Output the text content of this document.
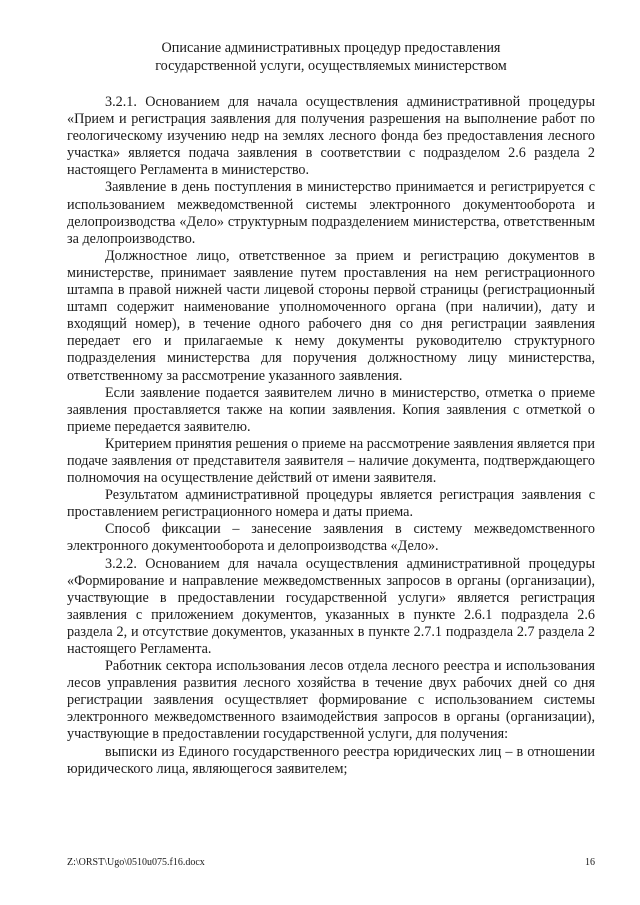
Описание административных процедур предоставления
государственной услуги, осуществляемых министерством

3.2.1. Основанием для начала осуществления административной процедуры «Прием и регистрация заявления для получения разрешения на выполнение работ по геологическому изучению недр на землях лесного фонда без предоставления лесного участка» является подача заявления в соответствии с подразделом 2.6 раздела 2 настоящего Регламента в министерство.

Заявление в день поступления в министерство принимается и регистрируется с использованием межведомственной системы электронного документооборота и делопроизводства «Дело» структурным подразделением министерства, ответственным за делопроизводство.

Должностное лицо, ответственное за прием и регистрацию документов в министерстве, принимает заявление путем проставления на нем регистрационного штампа в правой нижней части лицевой стороны первой страницы (регистрационный штамп содержит наименование уполномоченного органа (при наличии), дату и входящий номер), в течение одного рабочего дня со дня регистрации заявления передает его и прилагаемые к нему документы руководителю структурного подразделения министерства для поручения должностному лицу министерства, ответственному за рассмотрение указанного заявления.

Если заявление подается заявителем лично в министерство, отметка о приеме заявления проставляется также на копии заявления. Копия заявления с отметкой о приеме передается заявителю.

Критерием принятия решения о приеме на рассмотрение заявления является при подаче заявления от представителя заявителя – наличие документа, подтверждающего полномочия на осуществление действий от имени заявителя.

Результатом административной процедуры является регистрация заявления с проставлением регистрационного номера и даты приема.

Способ фиксации – занесение заявления в систему межведомственного электронного документооборота и делопроизводства «Дело».

3.2.2. Основанием для начала осуществления административной процедуры «Формирование и направление межведомственных запросов в органы (организации), участвующие в предоставлении государственной услуги» является регистрация заявления с приложением документов, указанных в пункте 2.6.1 подраздела 2.6 раздела 2, и отсутствие документов, указанных в пункте 2.7.1 подраздела 2.7 раздела 2 настоящего Регламента.

Работник сектора использования лесов отдела лесного реестра и использования лесов управления развития лесного хозяйства в течение двух рабочих дней со дня регистрации заявления осуществляет формирование с использованием системы электронного межведомственного взаимодействия запросов в органы (организации), участвующие в предоставлении государственной услуги, для получения:

выписки из Единого государственного реестра юридических лиц – в отношении юридического лица, являющегося заявителем;

Z:\ORST\Ugo\0510u075.f16.docx	16
